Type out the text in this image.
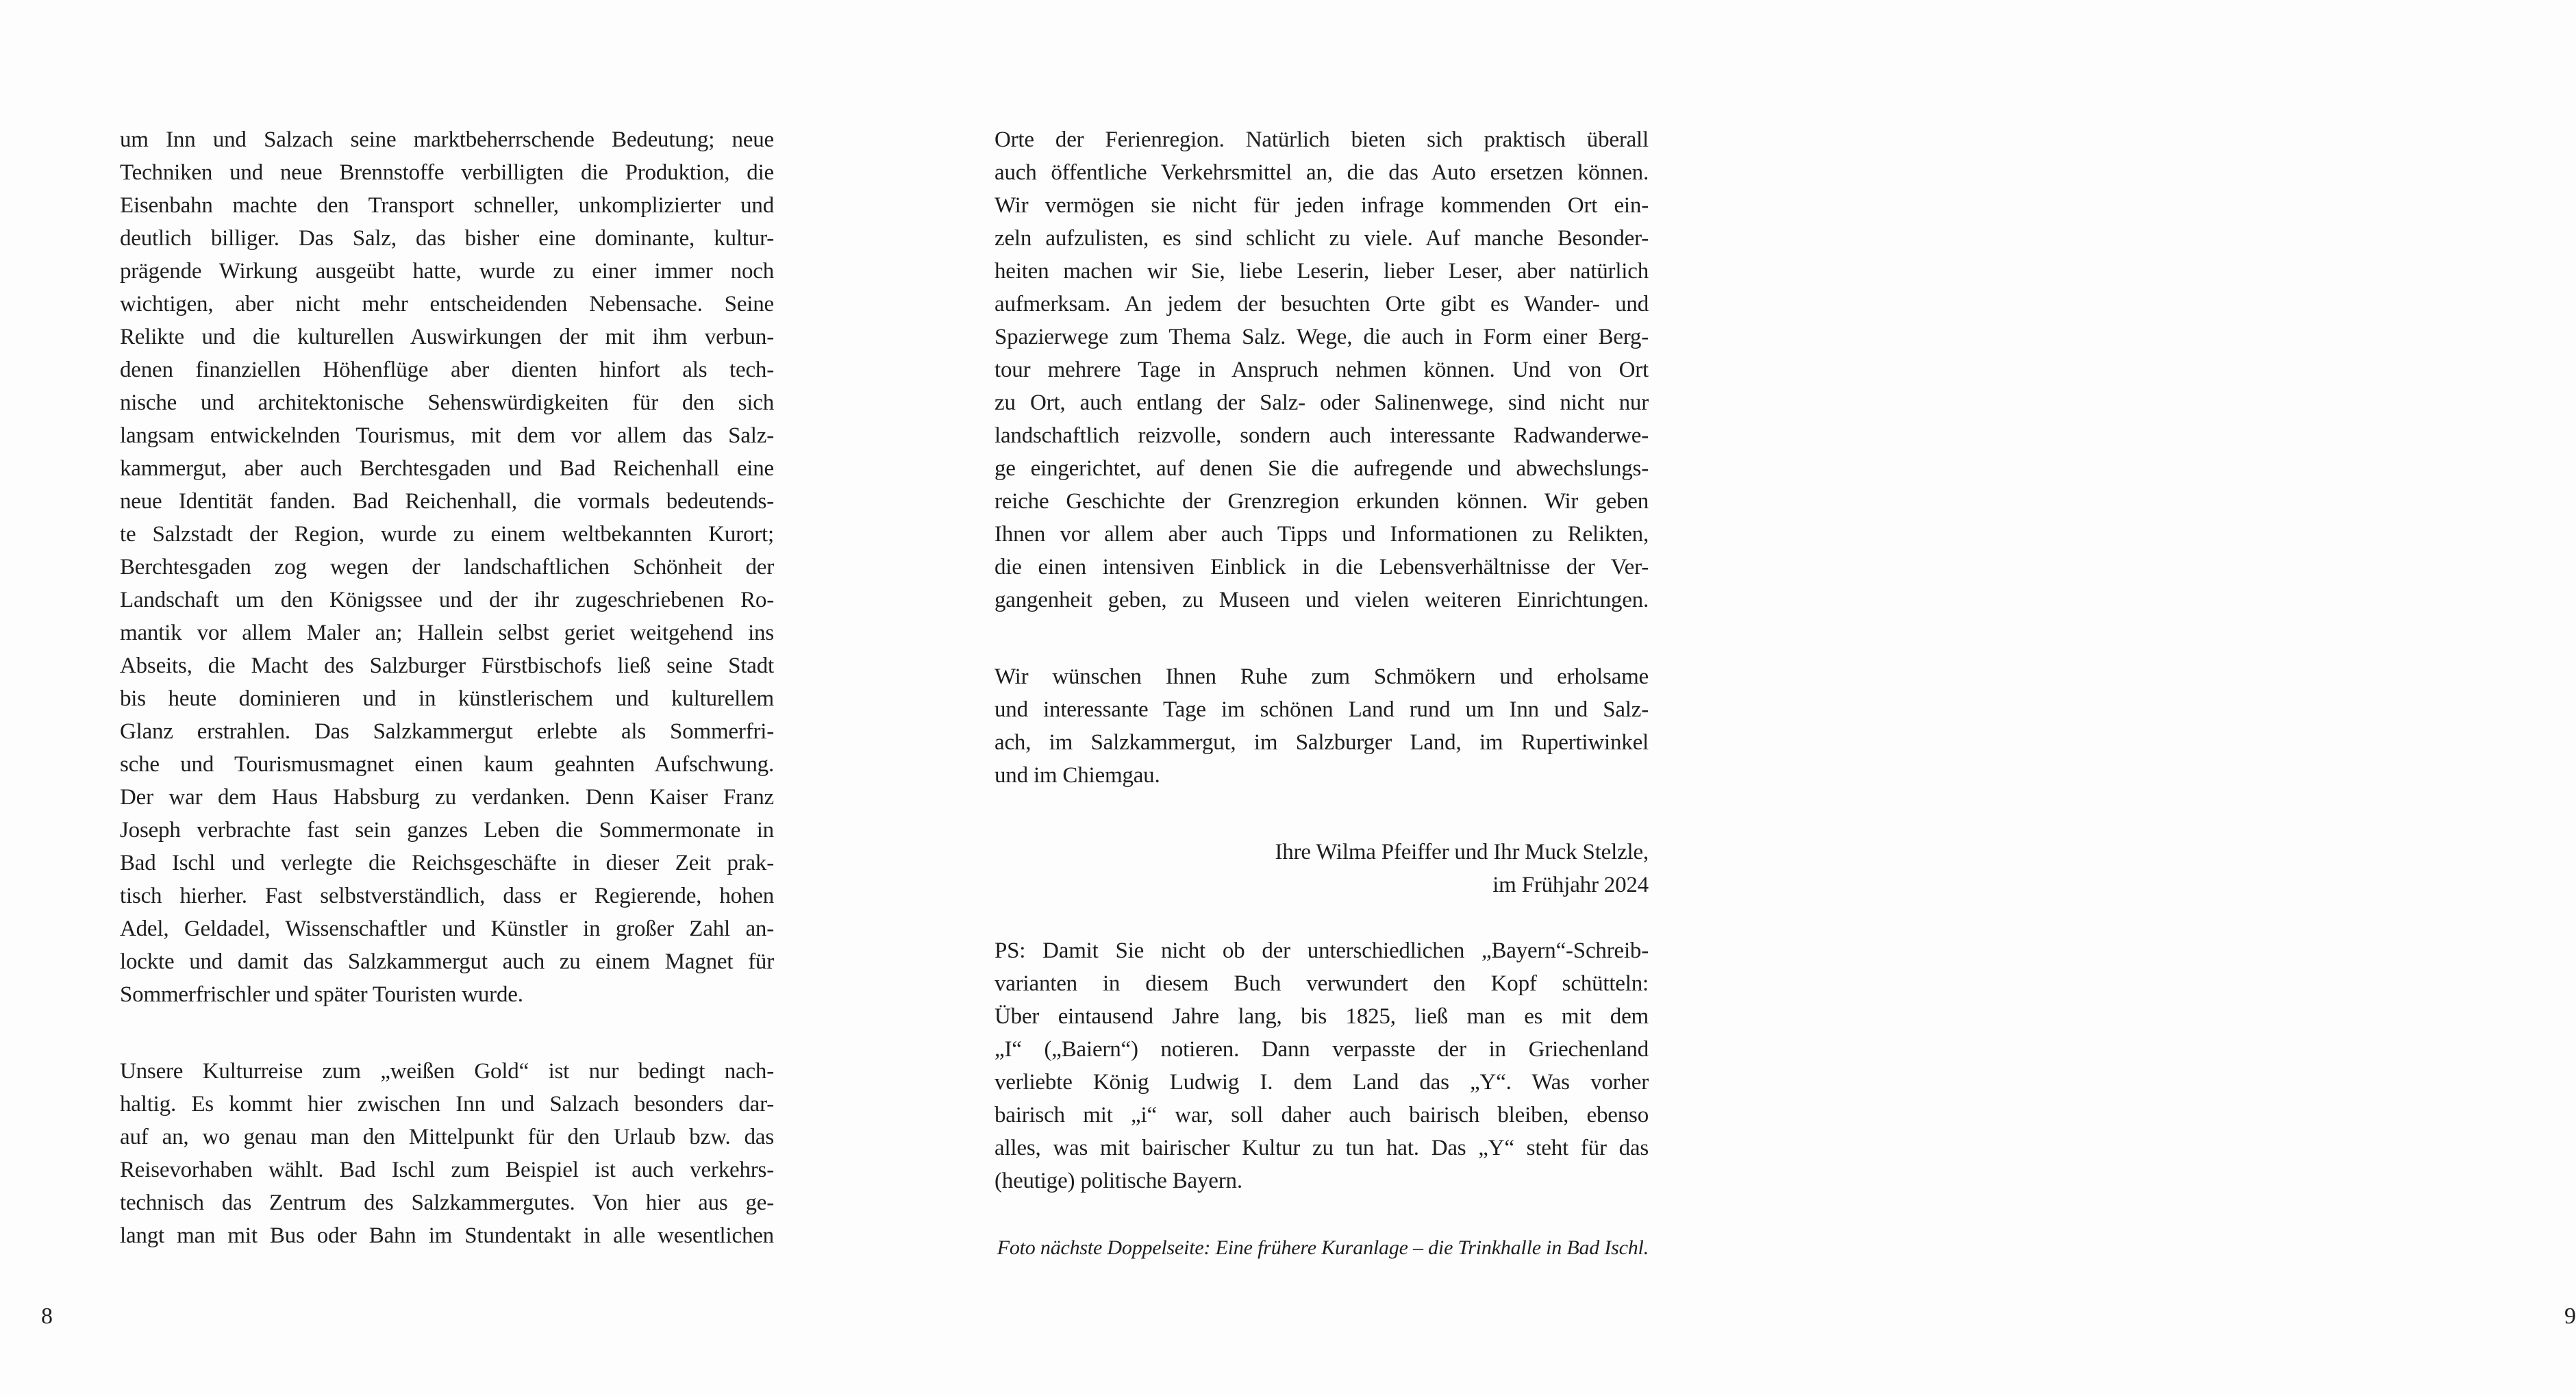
um Inn und Salzach seine marktbeherrschende Bedeutung; neue
Techniken und neue Brennstoffe verbilligten die Produktion, die
Eisenbahn machte den Transport schneller, unkomplizierter und
deutlich billiger. Das Salz, das bisher eine dominante, kultur-
prägende Wirkung ausgeübt hatte, wurde zu einer immer noch
wichtigen, aber nicht mehr entscheidenden Nebensache. Seine
Relikte und die kulturellen Auswirkungen der mit ihm verbun-
denen finanziellen Höhenflüge aber dienten hinfort als tech-
nische und architektonische Sehenswürdigkeiten für den sich
langsam entwickelnden Tourismus, mit dem vor allem das Salz-
kammergut, aber auch Berchtesgaden und Bad Reichenhall eine
neue Identität fanden. Bad Reichenhall, die vormals bedeutends-
te Salzstadt der Region, wurde zu einem weltbekannten Kurort;
Berchtesgaden zog wegen der landschaftlichen Schönheit der
Landschaft um den Königssee und der ihr zugeschriebenen Ro-
mantik vor allem Maler an; Hallein selbst geriet weitgehend ins
Abseits, die Macht des Salzburger Fürstbischofs ließ seine Stadt
bis heute dominieren und in künstlerischem und kulturellem
Glanz erstrahlen. Das Salzkammergut erlebte als Sommerfri-
sche und Tourismusmagnet einen kaum geahnten Aufschwung.
Der war dem Haus Habsburg zu verdanken. Denn Kaiser Franz
Joseph verbrachte fast sein ganzes Leben die Sommermonate in
Bad Ischl und verlegte die Reichsgeschäfte in dieser Zeit prak-
tisch hierher. Fast selbstverständlich, dass er Regierende, hohen
Adel, Geldadel, Wissenschaftler und Künstler in großer Zahl an-
lockte und damit das Salzkammergut auch zu einem Magnet für
Sommerfrischler und später Touristen wurde.
Unsere Kulturreise zum „weißen Gold“ ist nur bedingt nach-
haltig. Es kommt hier zwischen Inn und Salzach besonders dar-
auf an, wo genau man den Mittelpunkt für den Urlaub bzw. das
Reisevorhaben wählt. Bad Ischl zum Beispiel ist auch verkehrs-
technisch das Zentrum des Salzkammergutes. Von hier aus ge-
langt man mit Bus oder Bahn im Stundentakt in alle wesentlichen
8
Orte der Ferienregion. Natürlich bieten sich praktisch überall
auch öffentliche Verkehrsmittel an, die das Auto ersetzen können.
Wir vermögen sie nicht für jeden infrage kommenden Ort ein-
zeln aufzulisten, es sind schlicht zu viele. Auf manche Besonder-
heiten machen wir Sie, liebe Leserin, lieber Leser, aber natürlich
aufmerksam. An jedem der besuchten Orte gibt es Wander- und
Spazierwege zum Thema Salz. Wege, die auch in Form einer Berg-
tour mehrere Tage in Anspruch nehmen können. Und von Ort
zu Ort, auch entlang der Salz- oder Salinenwege, sind nicht nur
landschaftlich reizvolle, sondern auch interessante Radwanderwe-
ge eingerichtet, auf denen Sie die aufregende und abwechslungs-
reiche Geschichte der Grenzregion erkunden können. Wir geben
Ihnen vor allem aber auch Tipps und Informationen zu Relikten,
die einen intensiven Einblick in die Lebensverhältnisse der Ver-
gangenheit geben, zu Museen und vielen weiteren Einrichtungen.
Wir wünschen Ihnen Ruhe zum Schmökern und erholsame
und interessante Tage im schönen Land rund um Inn und Salz-
ach, im Salzkammergut, im Salzburger Land, im Rupertiwinkel
und im Chiemgau.
Ihre Wilma Pfeiffer und Ihr Muck Stelzle,
im Frühjahr 2024
PS: Damit Sie nicht ob der unterschiedlichen „Bayern“-Schreib-
varianten in diesem Buch verwundert den Kopf schütteln:
Über eintausend Jahre lang, bis 1825, ließ man es mit dem
„I“ („Baiern“) notieren. Dann verpasste der in Griechenland
verliebte König Ludwig I. dem Land das „Y“. Was vorher
bairisch mit „i“ war, soll daher auch bairisch bleiben, ebenso
alles, was mit bairischer Kultur zu tun hat. Das „Y“ steht für das
(heutige) politische Bayern.
Foto nächste Doppelseite: Eine frühere Kuranlage – die Trinkhalle in Bad Ischl.
9
